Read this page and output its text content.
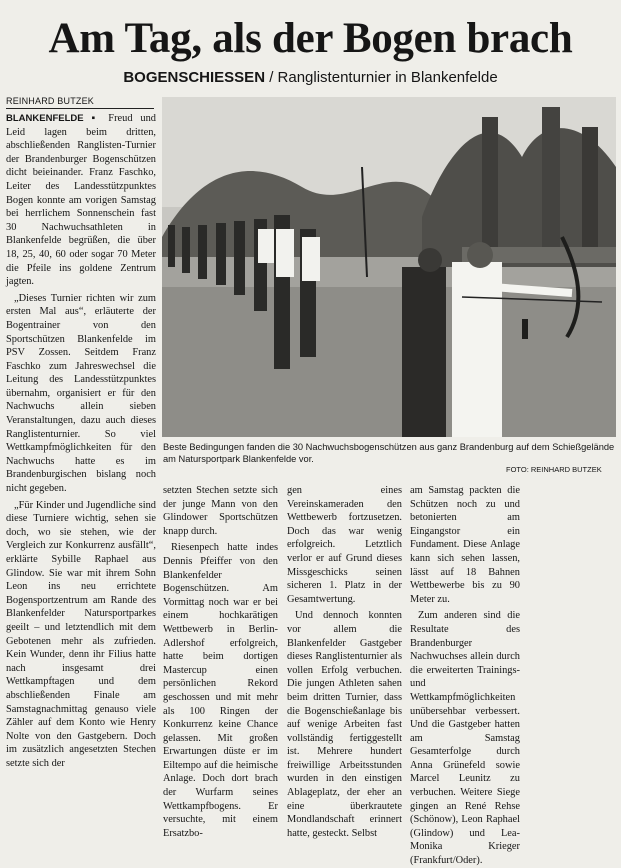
Am Tag, als der Bogen brach
BOGENSCHIESSEN / Ranglistenturnier in Blankenfelde
REINHARD BUTZEK

BLANKENFELDE ▪ Freud und Leid lagen beim dritten, abschließenden Ranglisten-Turnier der Brandenburger Bogenschützen dicht beieinander. Franz Faschko, Leiter des Landesstützpunktes Bogen konnte am vorigen Samstag bei herrlichem Sonnenschein fast 30 Nachwuchsathleten in Blankenfelde begrüßen, die über 18, 25, 40, 60 oder sogar 70 Meter die Pfeile ins goldene Zentrum jagten.

„Dieses Turnier richten wir zum ersten Mal aus“, erläuterte der Bogentrainer von den Sportschützen Blankenfelde im PSV Zossen. Seitdem Franz Faschko zum Jahreswechsel die Leitung des Landesstützpunktes übernahm, organisiert er für den Nachwuchs allein sieben Veranstaltungen, dazu auch dieses Ranglistenturnier. So viel Wettkampfmöglichkeiten für den Nachwuchs hatte es im Brandenburgischen bislang noch nicht gegeben.

„Für Kinder und Jugendliche sind diese Turniere wichtig, sehen sie doch, wo sie stehen, wie der Vergleich zur Konkurrenz ausfällt“, erklärte Sybille Raphael aus Glindow. Sie war mit ihrem Sohn Leon ins neu errichtete Bogensportzentrum am Rande des Blankenfelder Natursportparkes geeilt – und letztendlich mit dem Gebotenen mehr als zufrieden. Kein Wunder, denn ihr Filius hatte nach insgesamt drei Wettkampftagen und dem abschließenden Finale am Samstagnachmittag genauso viele Zähler auf dem Konto wie Henry Nolte von den Gastgebern. Doch im zusätzlich angesetzten Stechen setzte sich der

Beste Bedingungen fanden die 30 Nachwuchsbogenschützen aus ganz Brandenburg auf dem Schießgelände am Natursportpark Blankenfelde vor.
FOTO: REINHARD BUTZEK

setzten Stechen setzte sich der junge Mann von den Glindower Sportschützen knapp durch.

Riesenpech hatte indes Dennis Pfeiffer von den Blankenfelder Bogenschützen. Am Vormittag noch war er bei einem hochkarätigen Wettbewerb in Berlin-Adlershof erfolgreich, hatte beim dortigen Mastercup einen persönlichen Rekord geschossen und mit mehr als 100 Ringen der Konkurrenz keine Chance gelassen. Mit großen Erwartungen düste er im Eiltempo auf die heimische Anlage. Doch dort brach der Wurfarm seines Wettkampfbogens. Er versuchte, mit einem Ersatzbo-

gen eines Vereinskameraden den Wettbewerb fortzusetzen. Doch das war wenig erfolgreich. Letztlich verlor er auf Grund dieses Missgeschicks seinen sicheren 1. Platz in der Gesamtwertung.

Und dennoch konnten vor allem die Blankenfelder Gastgeber dieses Ranglistenturnier als vollen Erfolg verbuchen. Die jungen Athleten sahen beim dritten Turnier, dass die Bogenschießanlage bis auf wenige Arbeiten fast vollständig fertiggestellt ist. Mehrere hundert freiwillige Arbeitsstunden wurden in den einstigen Ablageplatz, der eher an eine überkrautete Mondlandschaft erinnert hatte, gesteckt. Selbst

am Samstag packten die Schützen noch zu und betonierten am Eingangstor ein Fundament. Diese Anlage kann sich sehen lassen, lässt auf 18 Bahnen Wettbewerbe bis zu 90 Meter zu.

Zum anderen sind die Resultate des Brandenburger Nachwuchses allein durch die erweiterten Trainings- und Wettkampfmöglichkeiten unübersehbar verbessert. Und die Gastgeber hatten am Samstag Gesamterfolge durch Anna Grünefeld sowie Marcel Leunitz zu verbuchen. Weitere Siege gingen an René Rehse (Schönow), Leon Raphael (Glindow) und Lea-Monika Krieger (Frankfurt/Oder).
